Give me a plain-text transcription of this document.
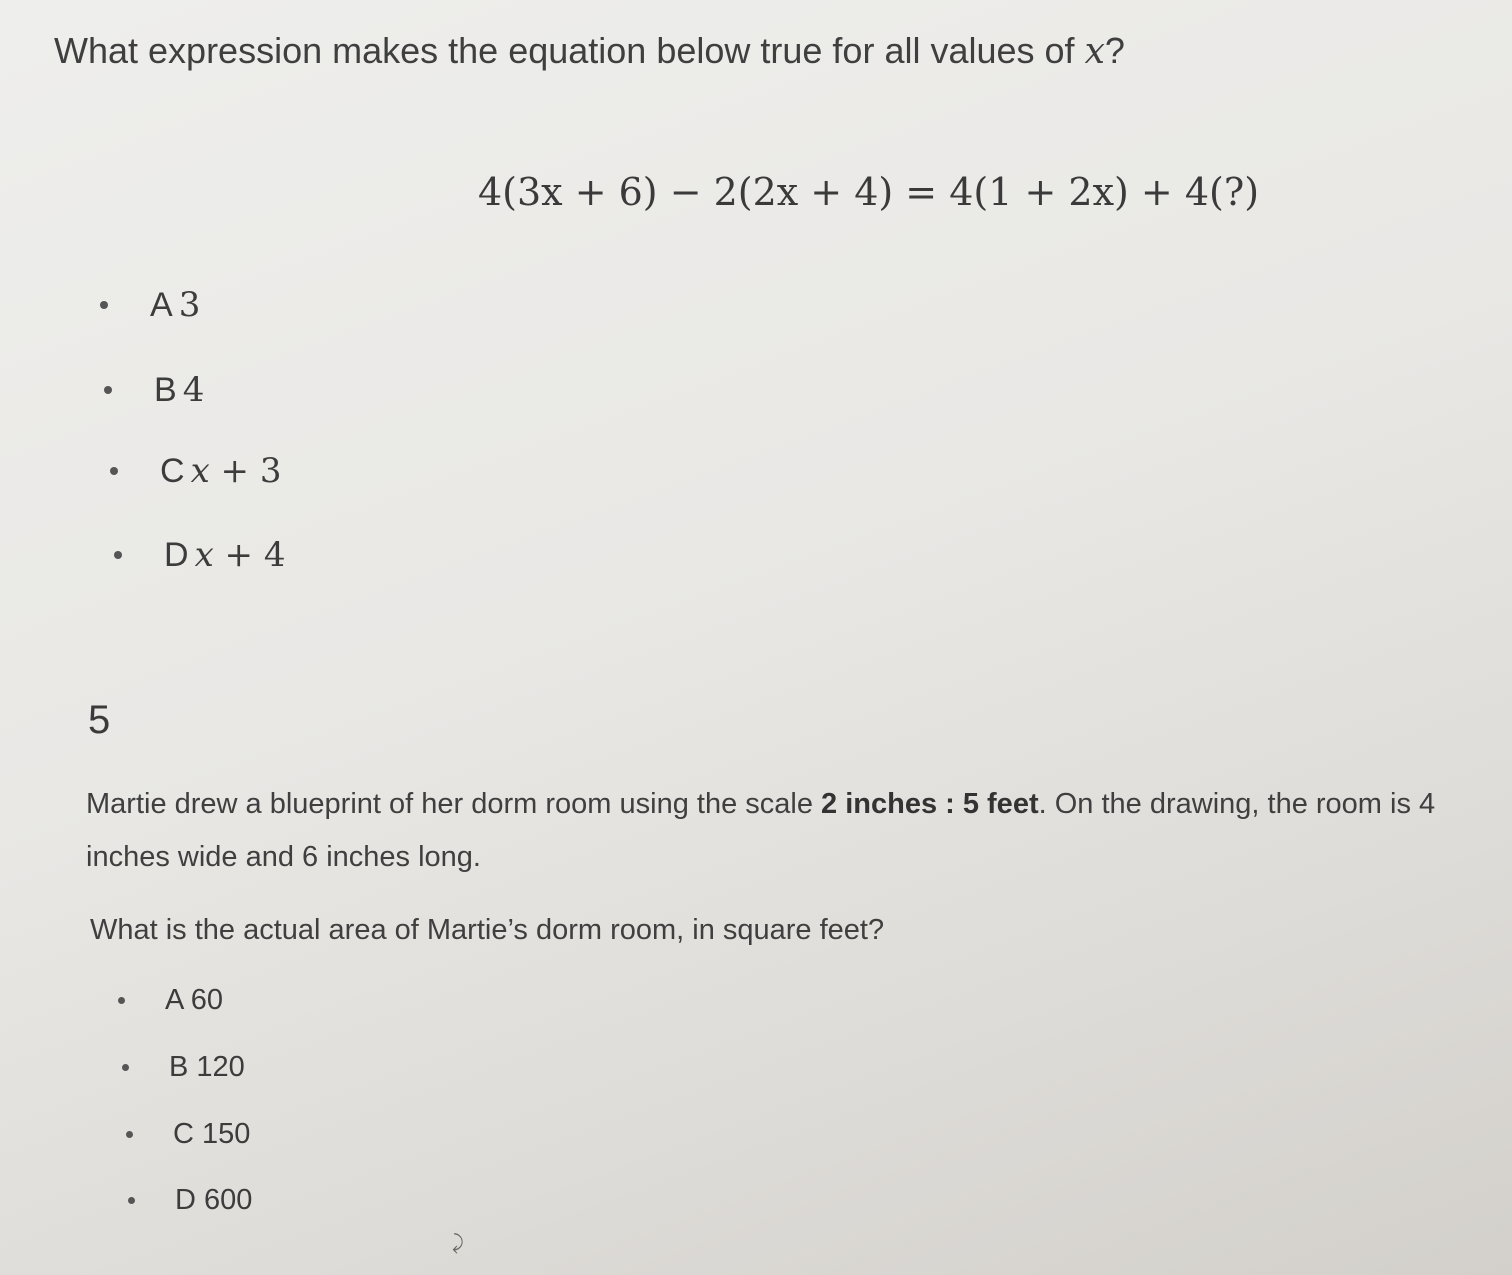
What expression makes the equation below true for all values of x?
4(3x + 6) − 2(2x + 4) = 4(1 + 2x) + 4(?)
A 3
B 4
C x + 3
D x + 4
5
Martie drew a blueprint of her dorm room using the scale 2 inches : 5 feet. On the drawing, the room is 4 inches wide and 6 inches long.
What is the actual area of Martie’s dorm room, in square feet?
A 60
B 120
C 150
D 600
⤸
